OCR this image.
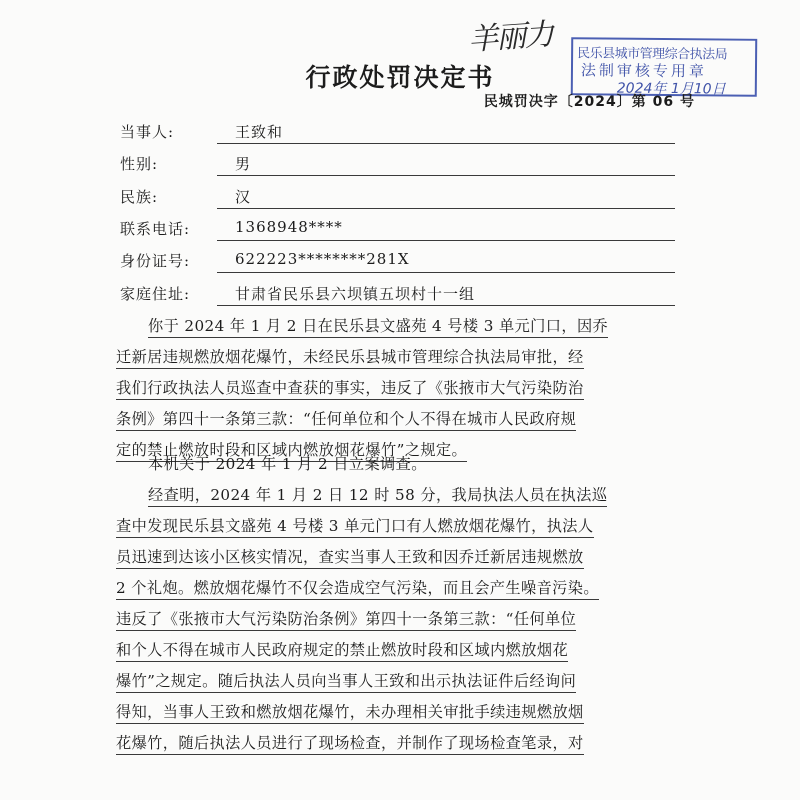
羊丽力 民乐县城市管理综合执法局
法制审核专用章
2024年 1月10日
行政处罚决定书
民城罚决字〔2024〕第 06 号
当事人:	王致和
性别:	男
民族:	汉
联系电话:	1368948****
身份证号:	622223********281X
家庭住址:	甘肃省民乐县六坝镇五坝村十一组
你于 2024 年 1 月 2 日在民乐县文盛苑 4 号楼 3 单元门口，因乔
迁新居违规燃放烟花爆竹，未经民乐县城市管理综合执法局审批，经
我们行政执法人员巡查中查获的事实，违反了《张掖市大气污染防治
条例》第四十一条第三款：“任何单位和个人不得在城市人民政府规
定的禁止燃放时段和区域内燃放烟花爆竹”之规定。
本机关于 2024 年 1 月 2 日立案调查。
经查明，2024 年 1 月 2 日 12 时 58 分，我局执法人员在执法巡
查中发现民乐县文盛苑 4 号楼 3 单元门口有人燃放烟花爆竹，执法人
员迅速到达该小区核实情况，查实当事人王致和因乔迁新居违规燃放
2 个礼炮。燃放烟花爆竹不仅会造成空气污染，而且会产生噪音污染。
违反了《张掖市大气污染防治条例》第四十一条第三款：“任何单位
和个人不得在城市人民政府规定的禁止燃放时段和区域内燃放烟花
爆竹”之规定。随后执法人员向当事人王致和出示执法证件后经询问
得知，当事人王致和燃放烟花爆竹，未办理相关审批手续违规燃放烟
花爆竹，随后执法人员进行了现场检查，并制作了现场检查笔录，对
